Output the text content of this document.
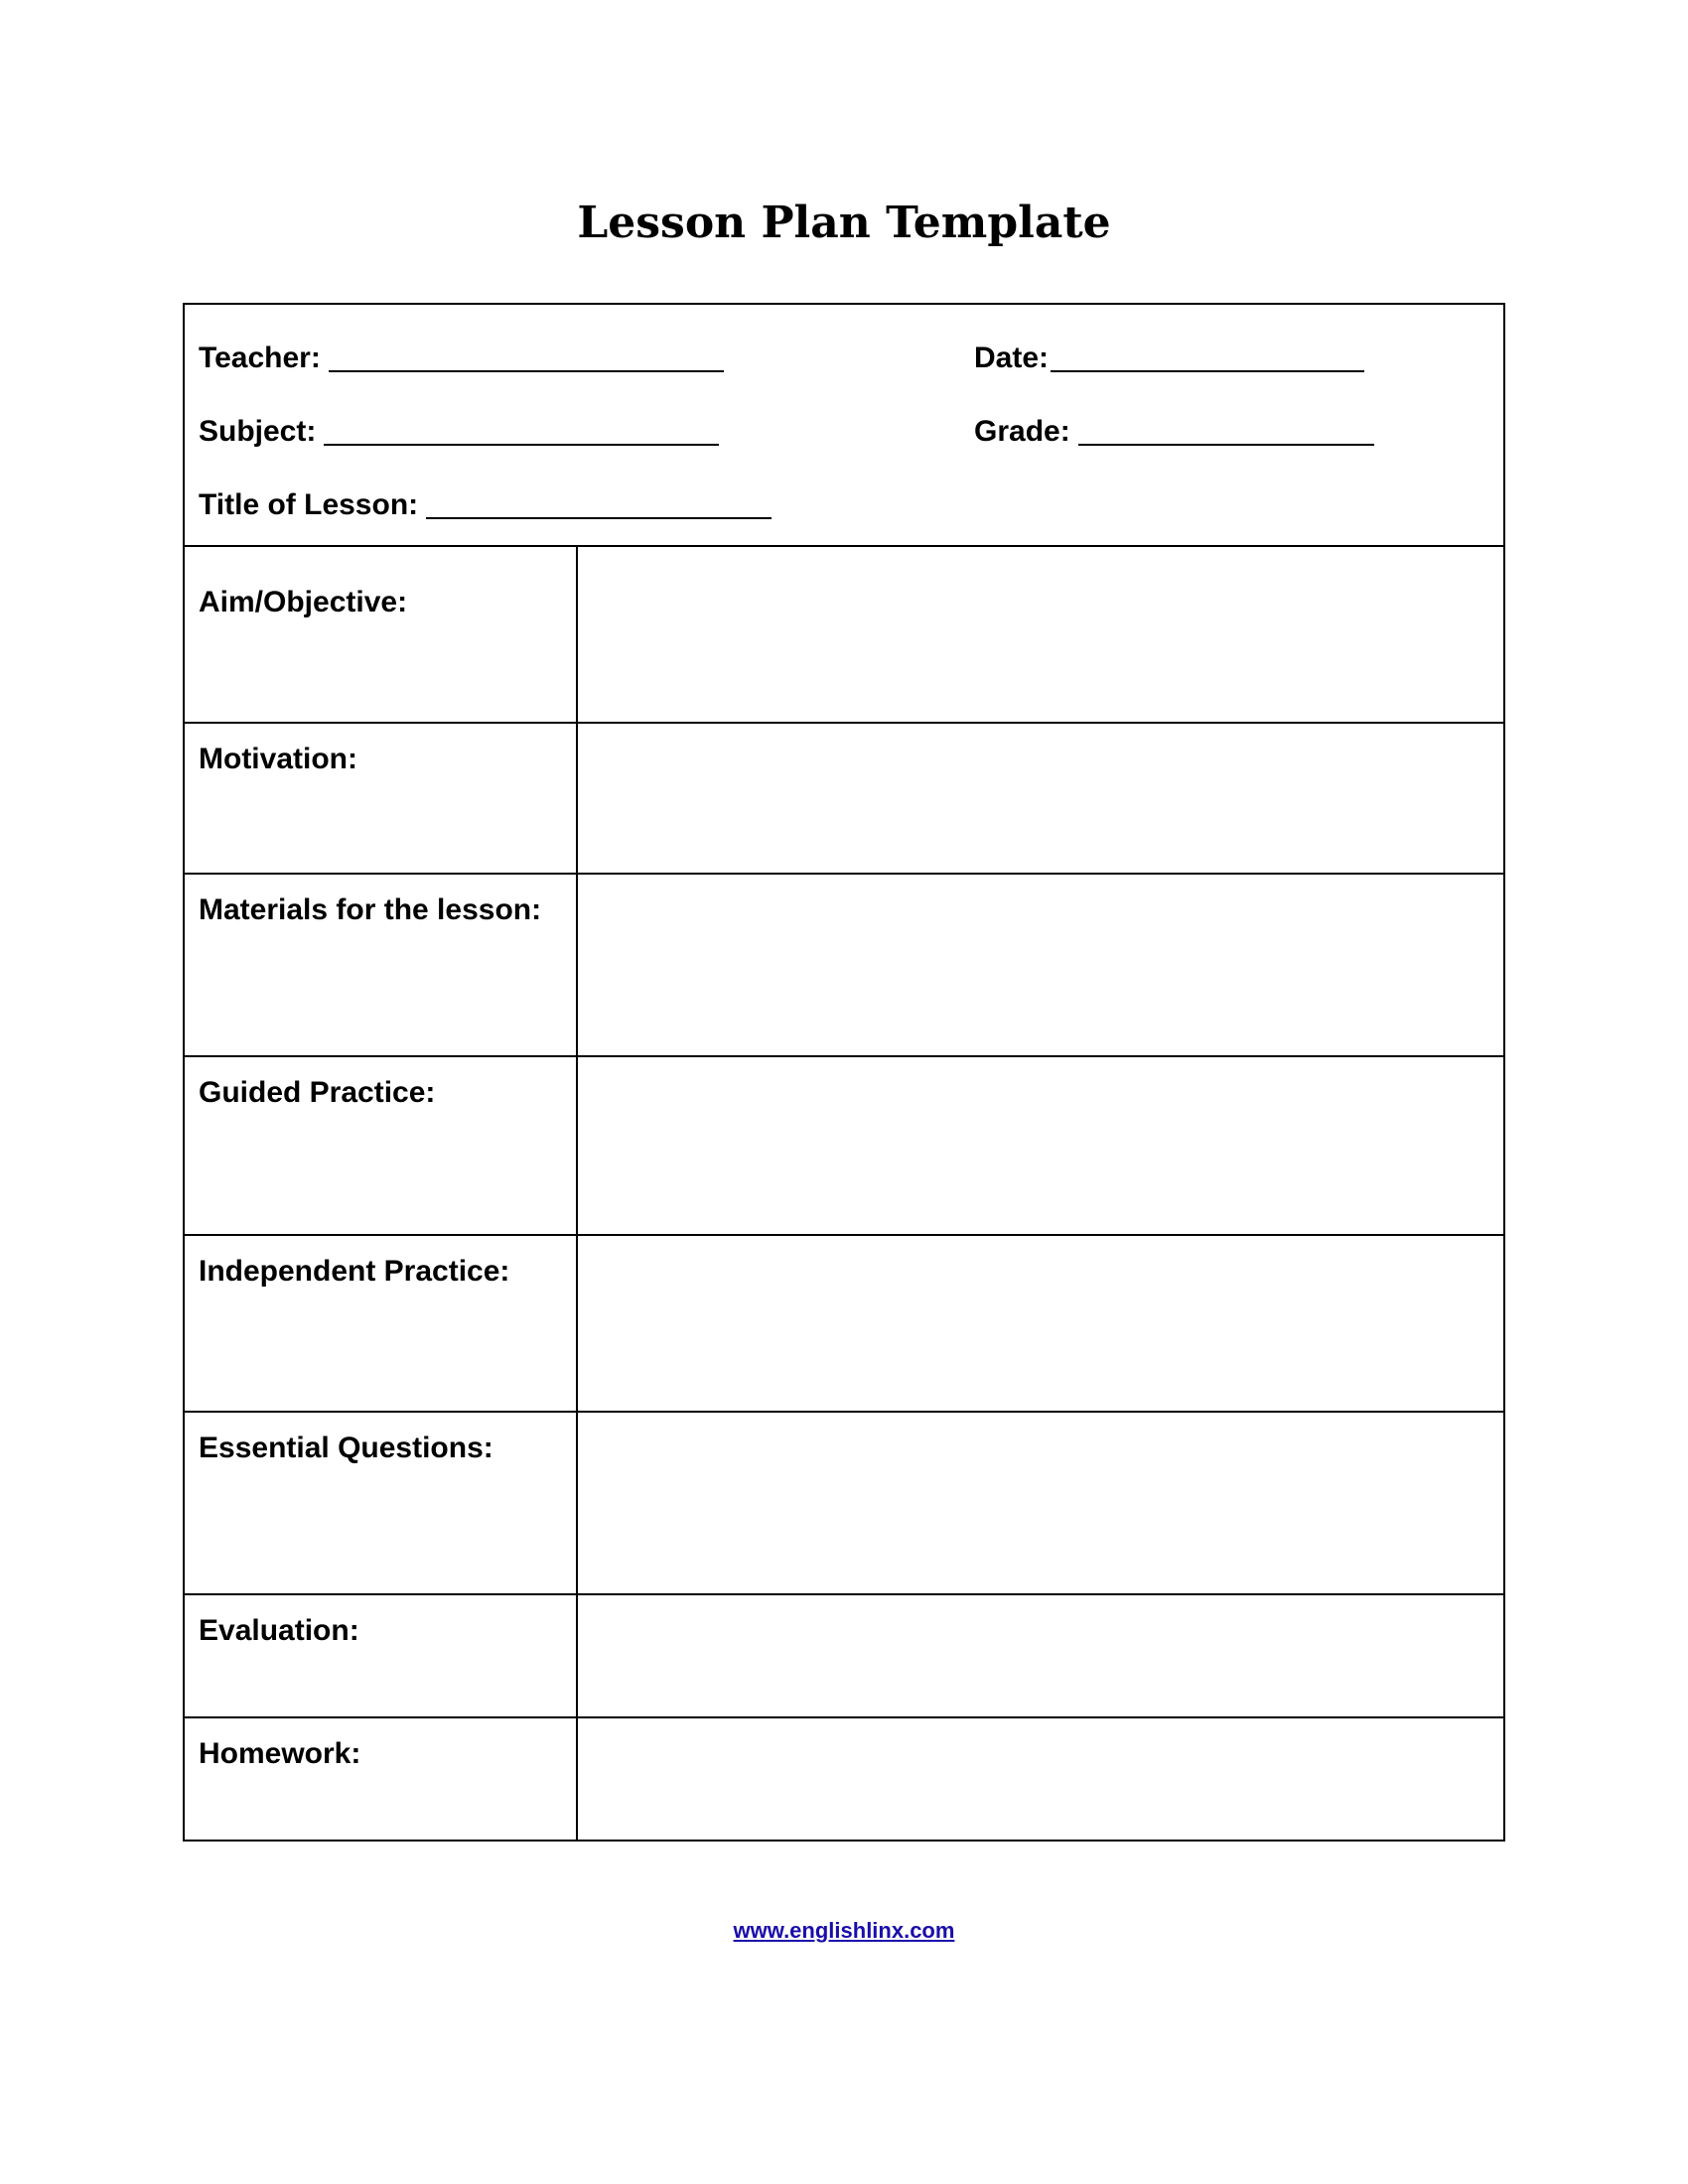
Lesson Plan Template
Teacher:	Date:
Subject:	Grade:
Title of Lesson:
Aim/Objective:
Motivation:
Materials for the lesson:
Guided Practice:
Independent Practice:
Essential Questions:
Evaluation:
Homework:
www.englishlinx.com
